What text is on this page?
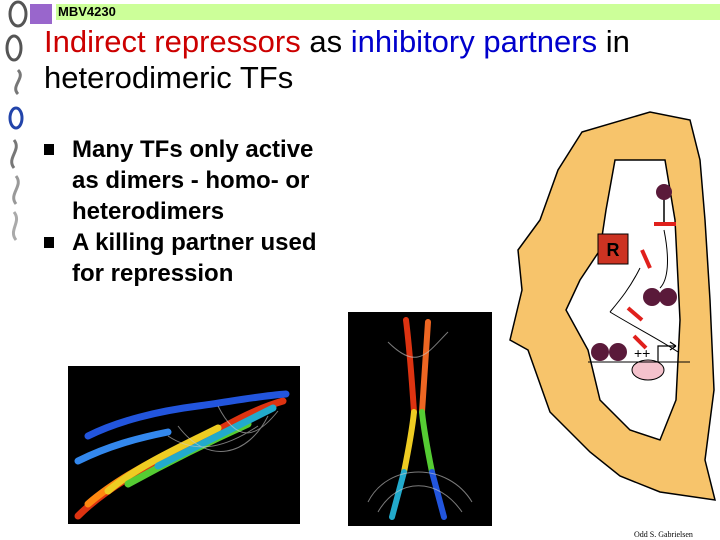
MBV4230
Indirect repressors as inhibitory partners in heterodimeric TFs
Many TFs only active as dimers - homo- or heterodimers
A killing partner used for repression
R
++
Odd S. Gabrielsen
